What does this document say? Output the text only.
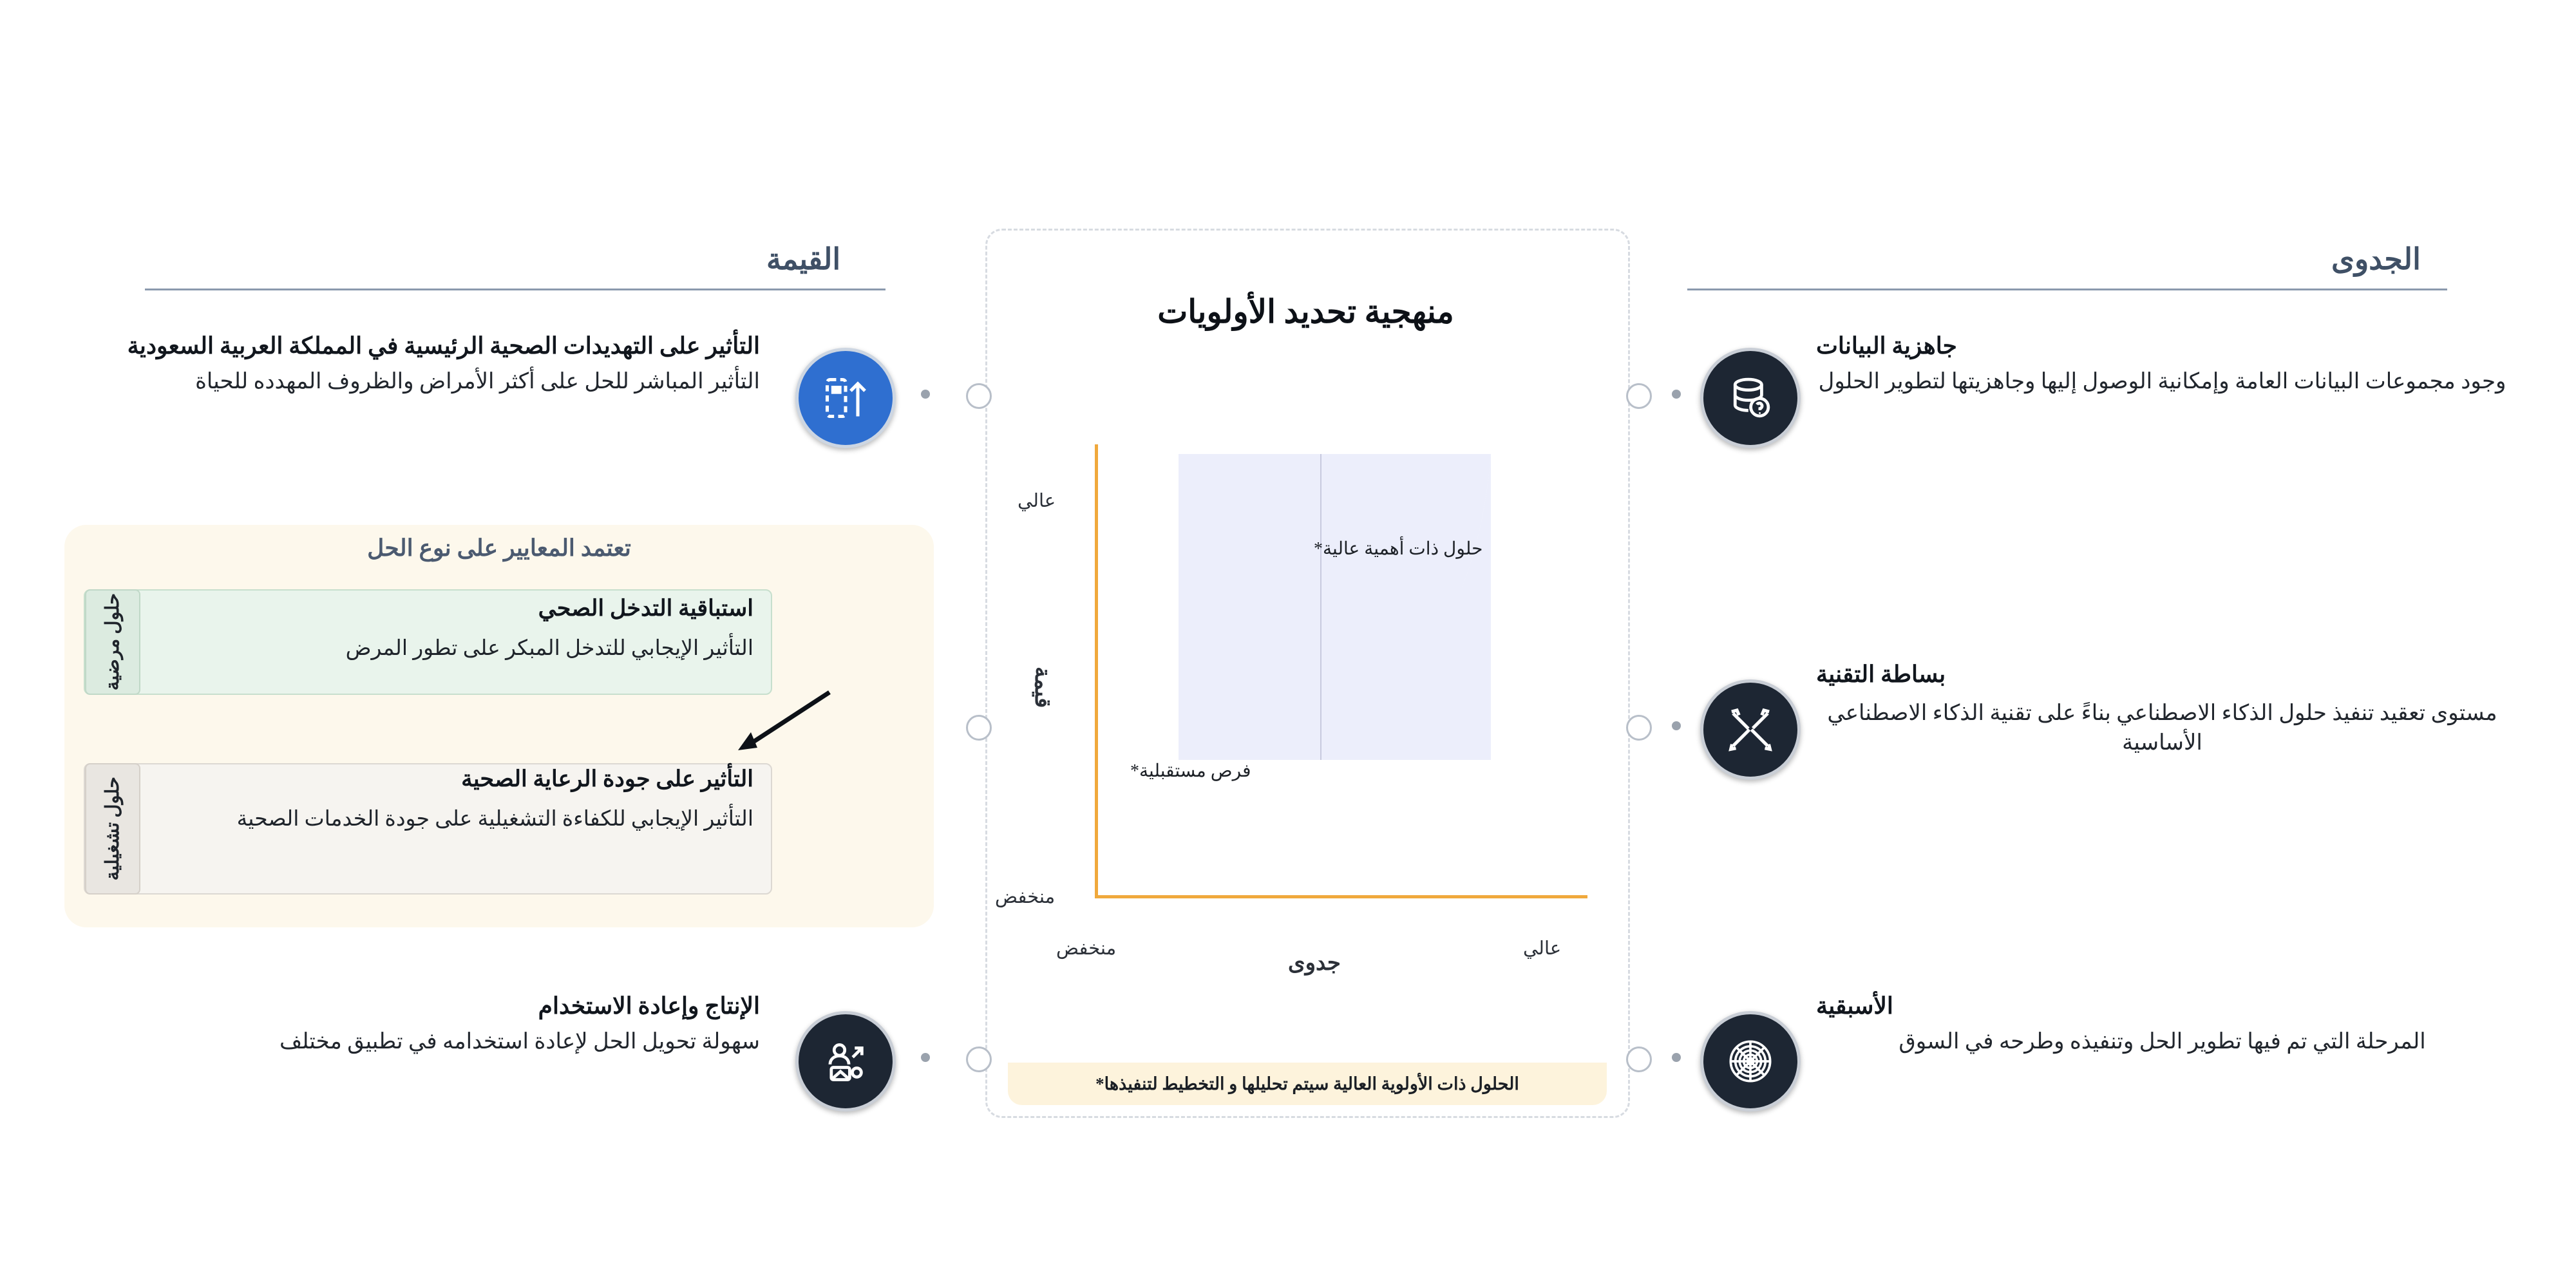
القيمة	الجدوى
منهجية تحديد الأولويات
حلول ذات أهمية عالية*
فرص مستقبلية*
عالي
منخفض
منخفض	عالي
جدوى
قيمة
الحلول ذات الأولوية العالية سيتم تحليلها و التخطيط لتنفيذها*
التأثير على التهديدات الصحية الرئيسية في المملكة العربية السعودية
التأثير المباشر للحل على أكثر الأمراض والظروف المهدده للحياة
الإنتاج وإعادة الاستخدام
سهولة تحويل الحل لإعادة استخدامه في تطبيق مختلف
تعتمد المعايير على نوع الحل
حلول مرضية	استباقية التدخل الصحي
التأثير الإيجابي للتدخل المبكر على تطور المرض
حلول تشغيلية	التأثير على جودة الرعاية الصحية
التأثير الإيجابي للكفاءة التشغيلية على جودة الخدمات الصحية
جاهزية البيانات
وجود مجموعات البيانات العامة وإمكانية الوصول إليها وجاهزيتها لتطوير الحلول
بساطة التقنية
مستوى تعقيد تنفيذ حلول الذكاء الاصطناعي بناءً على تقنية الذكاء الاصطناعي الأساسية
الأسبقية
المرحلة التي تم فيها تطوير الحل وتنفيذه وطرحه في السوق
